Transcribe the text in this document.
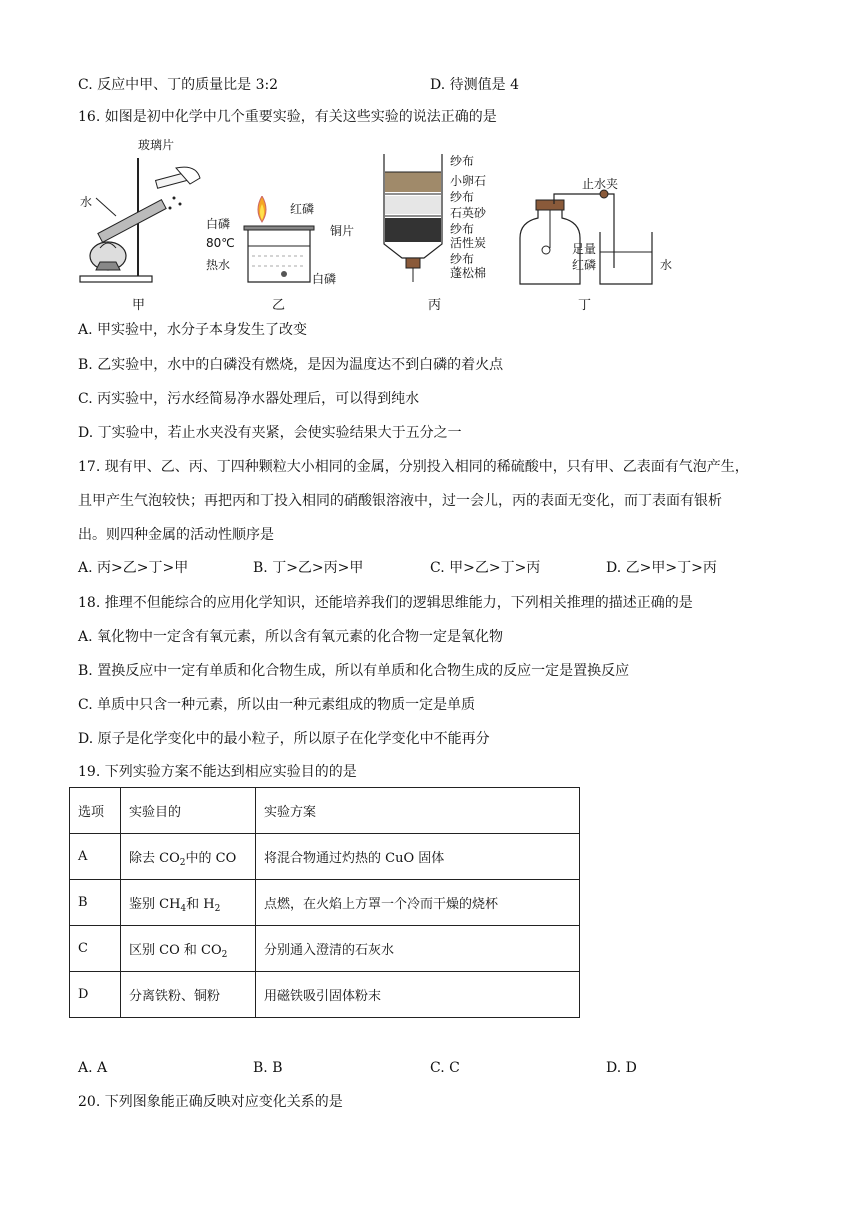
C. 反应中甲、丁的质量比是 3:2	D. 待测值是 4
16. 如图是初中化学中几个重要实验，有关这些实验的说法正确的是
玻璃片
水
白磷
红磷
铜片
80℃
热水
白磷
纱布
小卵石
纱布
石英砂
纱布
活性炭
纱布
蓬松棉
止水夹
足量
红磷	水
甲	乙	丙	丁
A. 甲实验中，水分子本身发生了改变
B. 乙实验中，水中的白磷没有燃烧，是因为温度达不到白磷的着火点
C. 丙实验中，污水经简易净水器处理后，可以得到纯水
D. 丁实验中，若止水夹没有夹紧，会使实验结果大于五分之一
17. 现有甲、乙、丙、丁四种颗粒大小相同的金属，分别投入相同的稀硫酸中，只有甲、乙表面有气泡产生，
且甲产生气泡较快；再把丙和丁投入相同的硝酸银溶液中，过一会儿，丙的表面无变化，而丁表面有银析
出。则四种金属的活动性顺序是
A. 丙>乙>丁>甲	B. 丁>乙>丙>甲	C. 甲>乙>丁>丙	D. 乙>甲>丁>丙
18. 推理不但能综合的应用化学知识，还能培养我们的逻辑思维能力，下列相关推理的描述正确的是
A. 氧化物中一定含有氧元素，所以含有氧元素的化合物一定是氧化物
B. 置换反应中一定有单质和化合物生成，所以有单质和化合物生成的反应一定是置换反应
C. 单质中只含一种元素，所以由一种元素组成的物质一定是单质
D. 原子是化学变化中的最小粒子，所以原子在化学变化中不能再分
19. 下列实验方案不能达到相应实验目的的是
选项	实验目的	实验方案
A	除去 $CO_2$中的 CO	将混合物通过灼热的 CuO 固体
B	鉴别 $CH_4$和 $H_2$	点燃，在火焰上方罩一个冷而干燥的烧杯
C	区别 CO 和 $CO_2$	分别通入澄清的石灰水
D	分离铁粉、铜粉	用磁铁吸引固体粉末
A. A	B. B	C. C	D. D
20. 下列图象能正确反映对应变化关系的是
